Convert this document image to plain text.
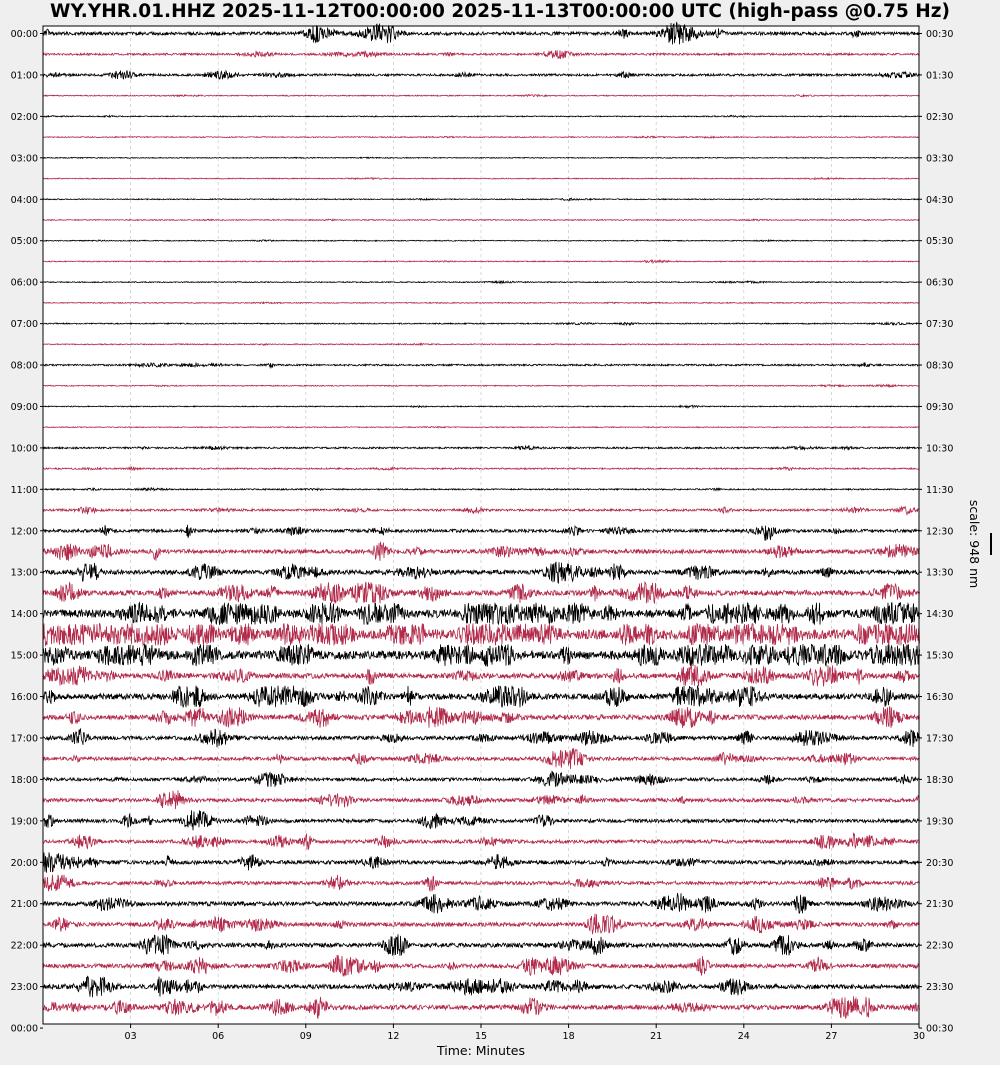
WY.YHR.01.HHZ 2025-11-12T00:00:00 2025-11-13T00:00:00 UTC (high-pass @0.75 Hz)
00:00
01:00
02:00
03:00
04:00
05:00
06:00
07:00
08:00
09:00
10:00
11:00
12:00
13:00
14:00
15:00
16:00
17:00
18:00
19:00
20:00
21:00
22:00
23:00
00:00
00:30
01:30
02:30
03:30
04:30
05:30
06:30
07:30
08:30
09:30
10:30
11:30
12:30
13:30
14:30
15:30
16:30
17:30
18:30
19:30
20:30
21:30
22:30
23:30
00:30
03	06	09	12	15	18	21	24	27	30
Time: Minutes
scale: 948 nm
